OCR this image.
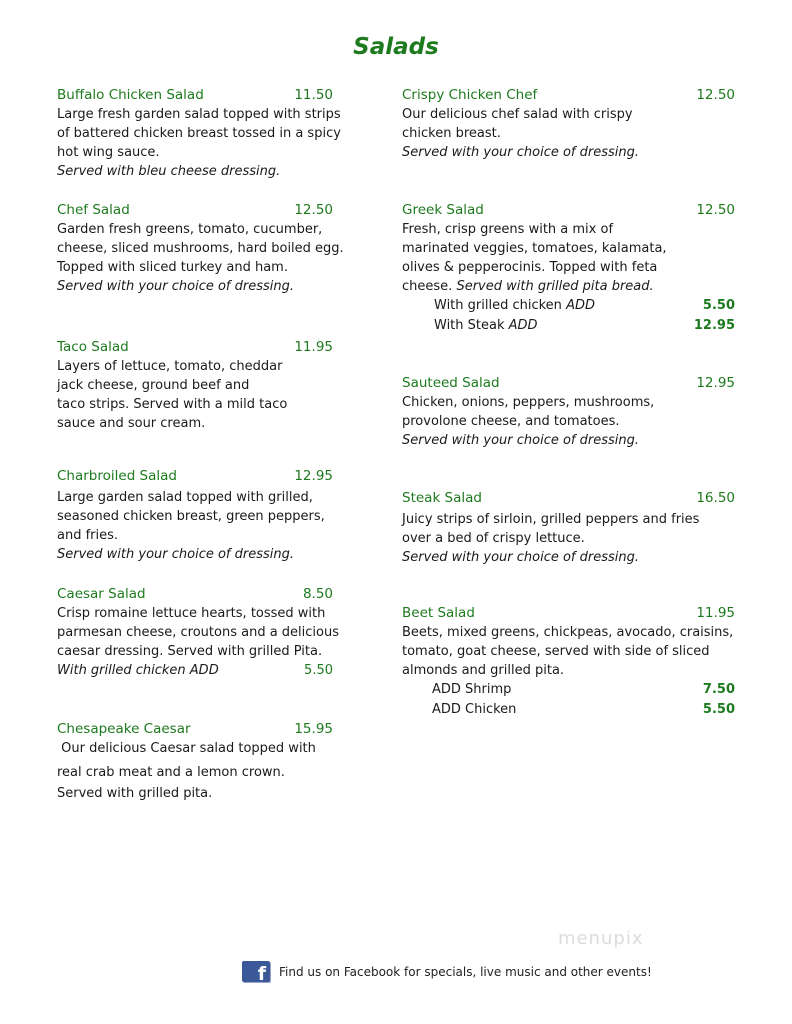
Salads
Buffalo Chicken Salad	11.50
Large fresh garden salad topped with strips
of battered chicken breast tossed in a spicy
hot wing sauce.
Served with bleu cheese dressing.
Chef Salad	12.50
Garden fresh greens, tomato, cucumber,
cheese, sliced mushrooms, hard boiled egg.
Topped with sliced turkey and ham.
Served with your choice of dressing.
Taco Salad	11.95
Layers of lettuce, tomato, cheddar
jack cheese, ground beef and
taco strips. Served with a mild taco
sauce and sour cream.
Charbroiled Salad	12.95
Large garden salad topped with grilled,
seasoned chicken breast, green peppers,
and fries.
Served with your choice of dressing.
Caesar Salad	8.50
Crisp romaine lettuce hearts, tossed with
parmesan cheese, croutons and a delicious
caesar dressing. Served with grilled Pita.
With grilled chicken ADD	5.50
Chesapeake Caesar	15.95
Our delicious Caesar salad topped with
real crab meat and a lemon crown.
Served with grilled pita.
Crispy Chicken Chef	12.50
Our delicious chef salad with crispy
chicken breast.
Served with your choice of dressing.
Greek Salad	12.50
Fresh, crisp greens with a mix of
marinated veggies, tomatoes, kalamata,
olives & pepperocinis. Topped with feta
cheese. Served with grilled pita bread.
With grilled chicken ADD	5.50
With Steak ADD	12.95
Sauteed Salad	12.95
Chicken, onions, peppers, mushrooms,
provolone cheese, and tomatoes.
Served with your choice of dressing.
Steak Salad	16.50
Juicy strips of sirloin, grilled peppers and fries
over a bed of crispy lettuce.
Served with your choice of dressing.
Beet Salad	11.95
Beets, mixed greens, chickpeas, avocado, craisins,
tomato, goat cheese, served with side of sliced
almonds and grilled pita.
ADD Shrimp	7.50
ADD Chicken	5.50
menupix
f Find us on Facebook for specials, live music and other events!
